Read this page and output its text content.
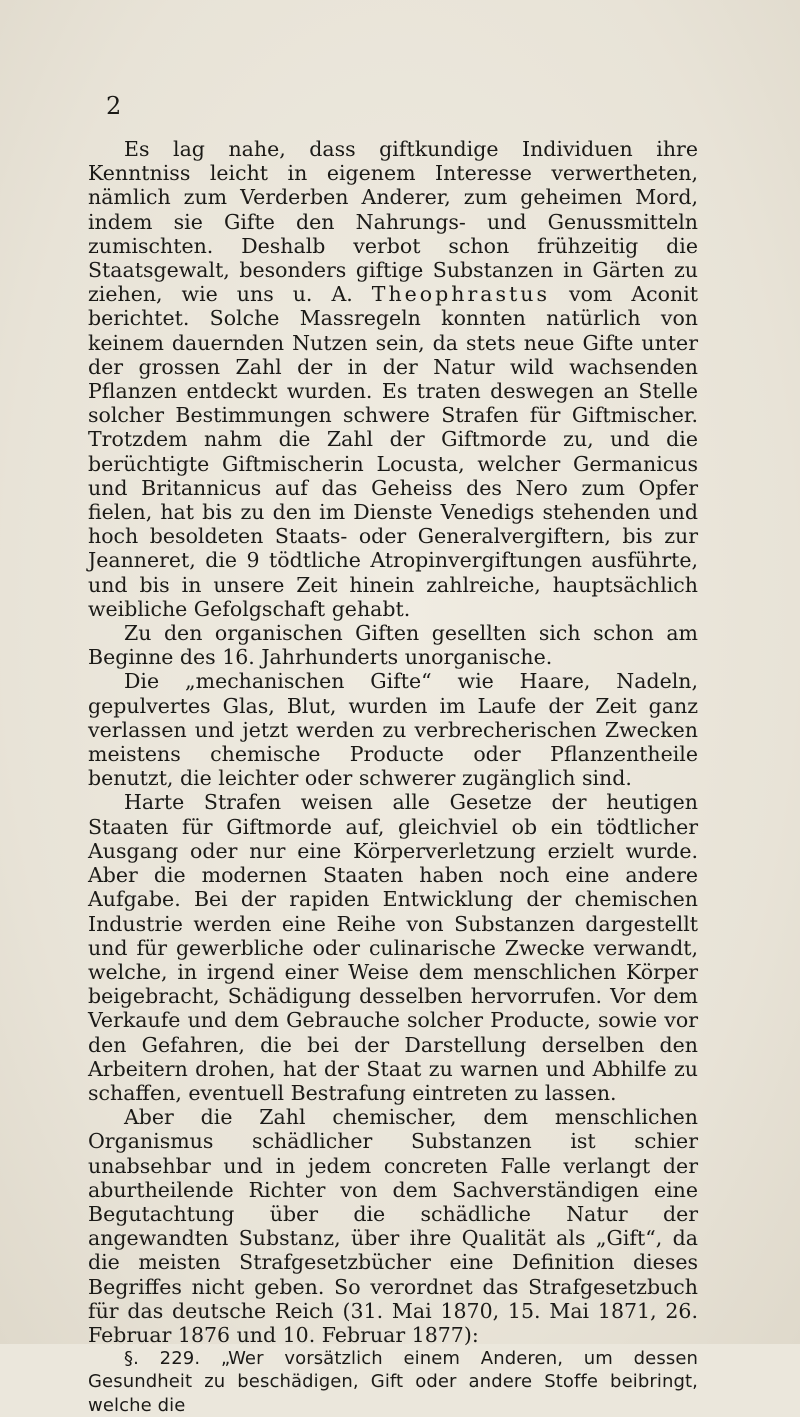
2

Es lag nahe, dass giftkundige Individuen ihre Kenntniss leicht in eigenem Interesse verwertheten, nämlich zum Verderben Anderer, zum geheimen Mord, indem sie Gifte den Nahrungs- und Genussmitteln zumischten. Deshalb verbot schon frühzeitig die Staatsgewalt, besonders giftige Substanzen in Gärten zu ziehen, wie uns u. A. Theophrastus vom Aconit berichtet. Solche Massregeln konnten natürlich von keinem dauernden Nutzen sein, da stets neue Gifte unter der grossen Zahl der in der Natur wild wachsenden Pflanzen entdeckt wurden. Es traten deswegen an Stelle solcher Bestimmungen schwere Strafen für Giftmischer. Trotzdem nahm die Zahl der Giftmorde zu, und die berüchtigte Giftmischerin Locusta, welcher Germanicus und Britannicus auf das Geheiss des Nero zum Opfer fielen, hat bis zu den im Dienste Venedigs stehenden und hoch besoldeten Staats- oder Generalvergiftern, bis zur Jeanneret, die 9 tödtliche Atropinvergiftungen ausführte, und bis in unsere Zeit hinein zahlreiche, hauptsächlich weibliche Gefolgschaft gehabt.

Zu den organischen Giften gesellten sich schon am Beginne des 16. Jahrhunderts unorganische.

Die „mechanischen Gifte“ wie Haare, Nadeln, gepulvertes Glas, Blut, wurden im Laufe der Zeit ganz verlassen und jetzt werden zu verbrecherischen Zwecken meistens chemische Producte oder Pflanzentheile benutzt, die leichter oder schwerer zugänglich sind.

Harte Strafen weisen alle Gesetze der heutigen Staaten für Giftmorde auf, gleichviel ob ein tödtlicher Ausgang oder nur eine Körperverletzung erzielt wurde. Aber die modernen Staaten haben noch eine andere Aufgabe. Bei der rapiden Entwicklung der chemischen Industrie werden eine Reihe von Substanzen dargestellt und für gewerbliche oder culinarische Zwecke verwandt, welche, in irgend einer Weise dem menschlichen Körper beigebracht, Schädigung desselben hervorrufen. Vor dem Verkaufe und dem Gebrauche solcher Producte, sowie vor den Gefahren, die bei der Darstellung derselben den Arbeitern drohen, hat der Staat zu warnen und Abhilfe zu schaffen, eventuell Bestrafung eintreten zu lassen.

Aber die Zahl chemischer, dem menschlichen Organismus schädlicher Substanzen ist schier unabsehbar und in jedem concreten Falle verlangt der aburtheilende Richter von dem Sachverständigen eine Begutachtung über die schädliche Natur der angewandten Substanz, über ihre Qualität als „Gift“, da die meisten Strafgesetzbücher eine Definition dieses Begriffes nicht geben. So verordnet das Strafgesetzbuch für das deutsche Reich (31. Mai 1870, 15. Mai 1871, 26. Februar 1876 und 10. Februar 1877):

§. 229. „Wer vorsätzlich einem Anderen, um dessen Gesundheit zu beschädigen, Gift oder andere Stoffe beibringt, welche die
